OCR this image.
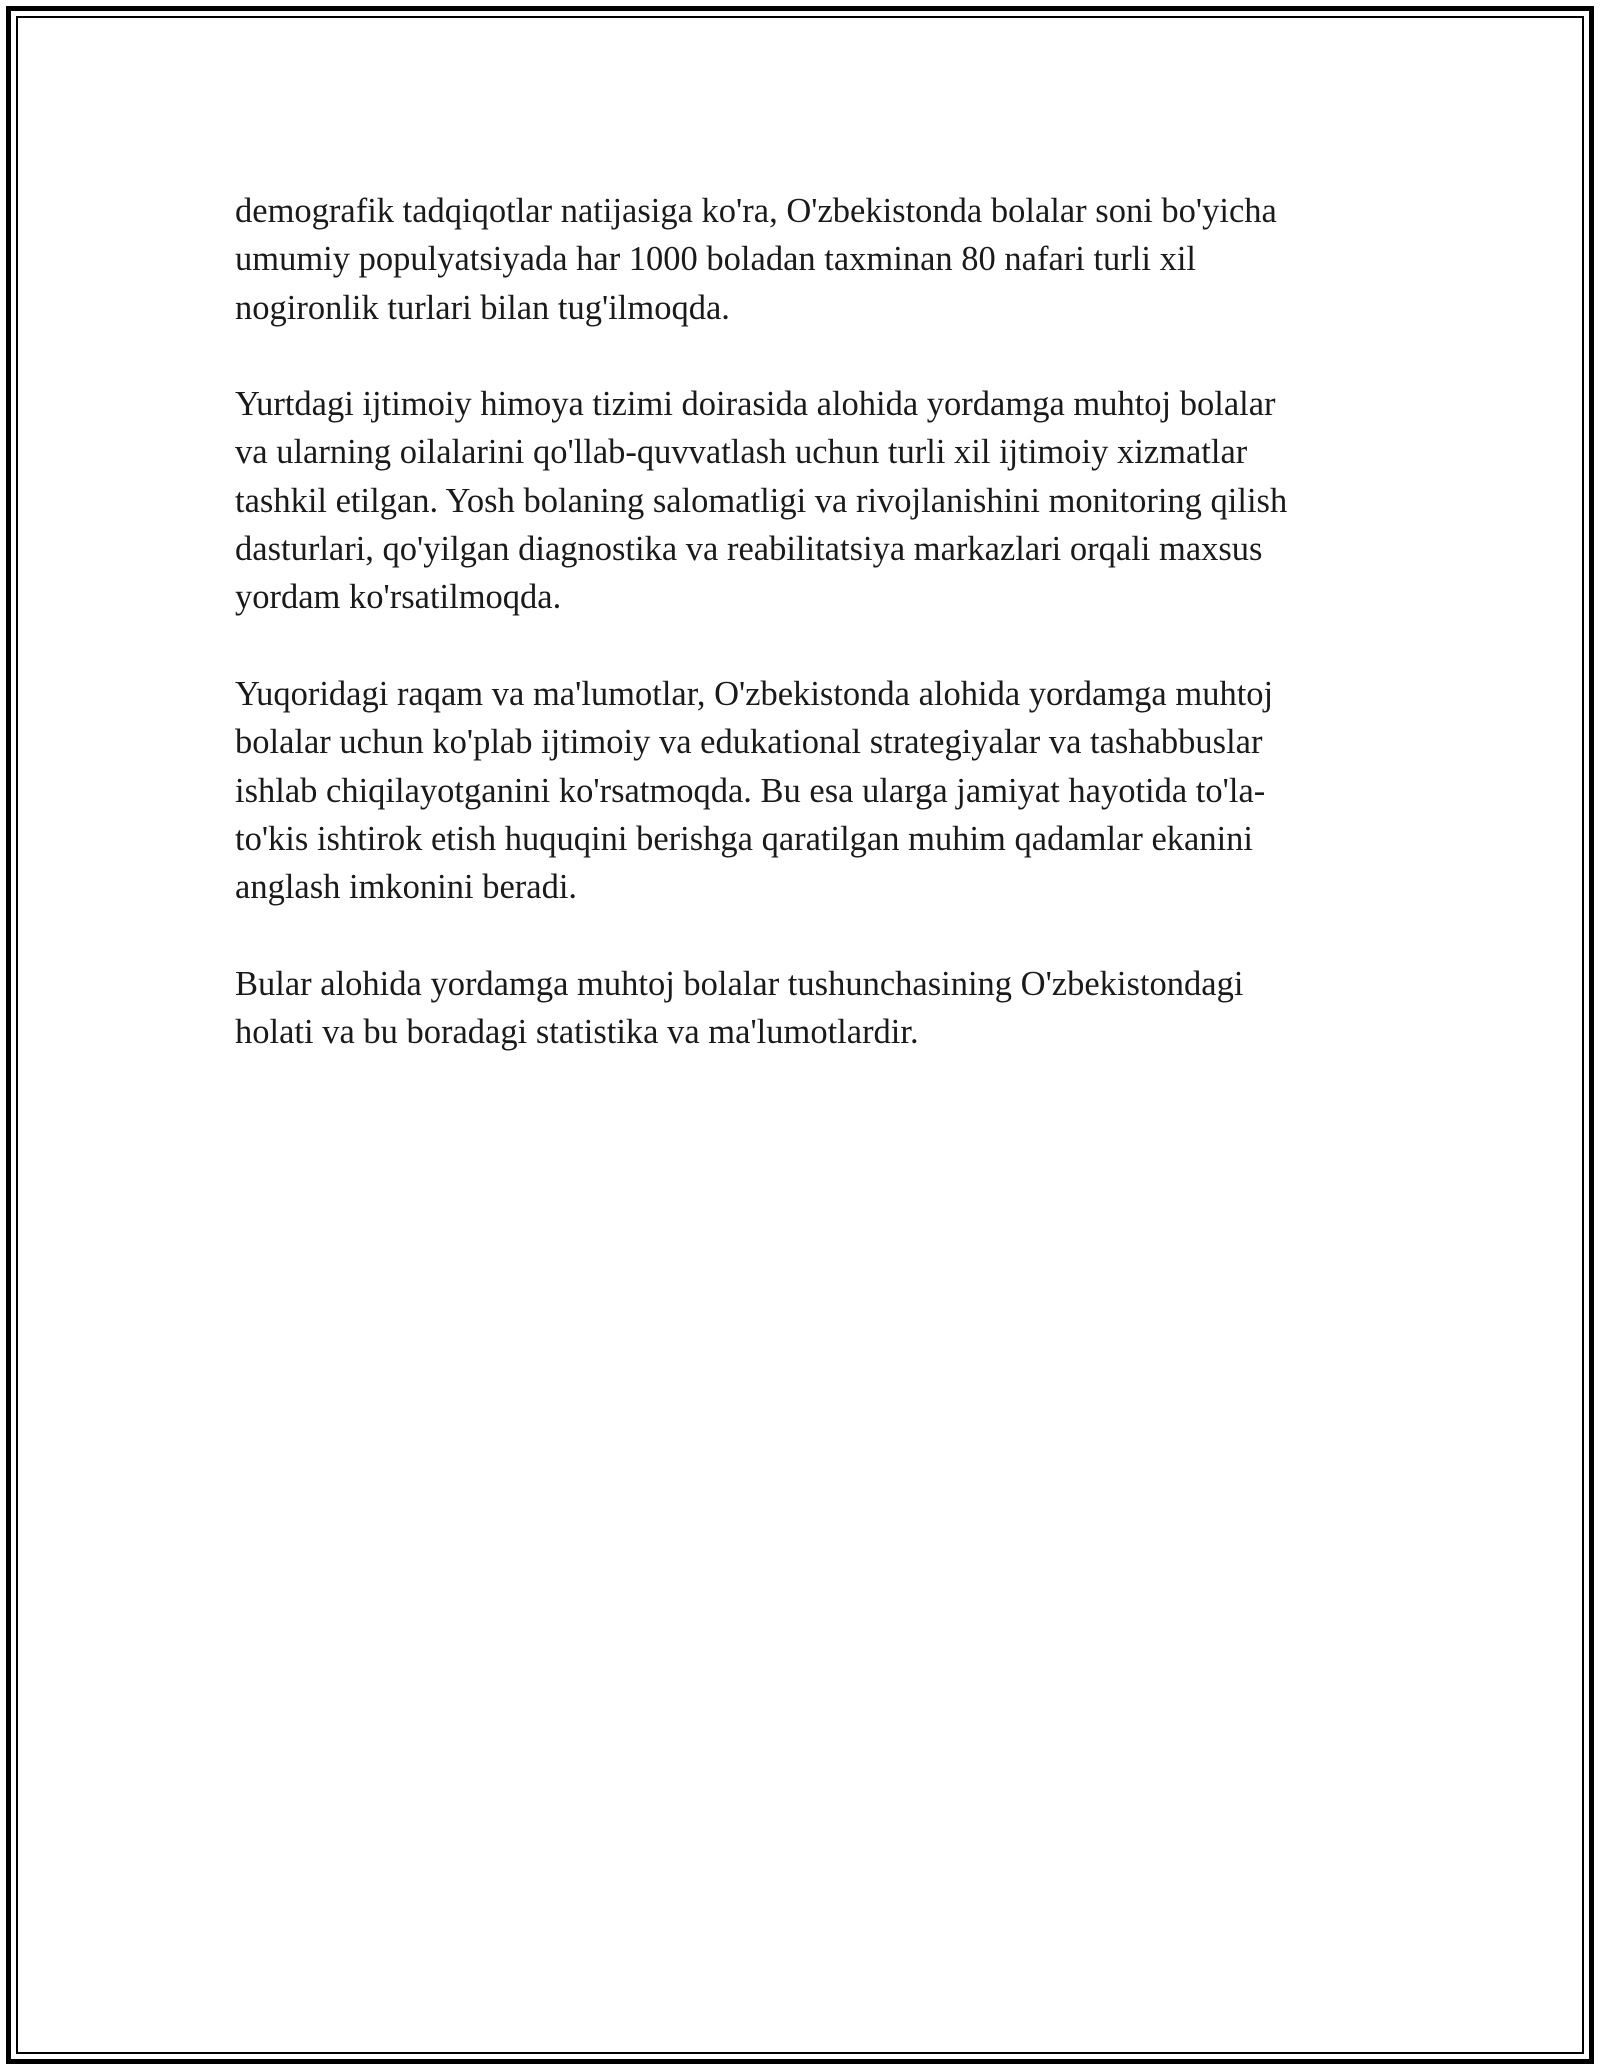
demografik tadqiqotlar natijasiga ko'ra, O'zbekistonda bolalar soni bo'yicha
umumiy populyatsiyada har 1000 boladan taxminan 80 nafari turli xil
nogironlik turlari bilan tug'ilmoqda.

Yurtdagi ijtimoiy himoya tizimi doirasida alohida yordamga muhtoj bolalar
va ularning oilalarini qo'llab-quvvatlash uchun turli xil ijtimoiy xizmatlar
tashkil etilgan. Yosh bolaning salomatligi va rivojlanishini monitoring qilish
dasturlari, qo'yilgan diagnostika va reabilitatsiya markazlari orqali maxsus
yordam ko'rsatilmoqda.

Yuqoridagi raqam va ma'lumotlar, O'zbekistonda alohida yordamga muhtoj
bolalar uchun ko'plab ijtimoiy va edukational strategiyalar va tashabbuslar
ishlab chiqilayotganini ko'rsatmoqda. Bu esa ularga jamiyat hayotida to'la-
to'kis ishtirok etish huquqini berishga qaratilgan muhim qadamlar ekanini
anglash imkonini beradi.

Bular alohida yordamga muhtoj bolalar tushunchasining O'zbekistondagi
holati va bu boradagi statistika va ma'lumotlardir.
